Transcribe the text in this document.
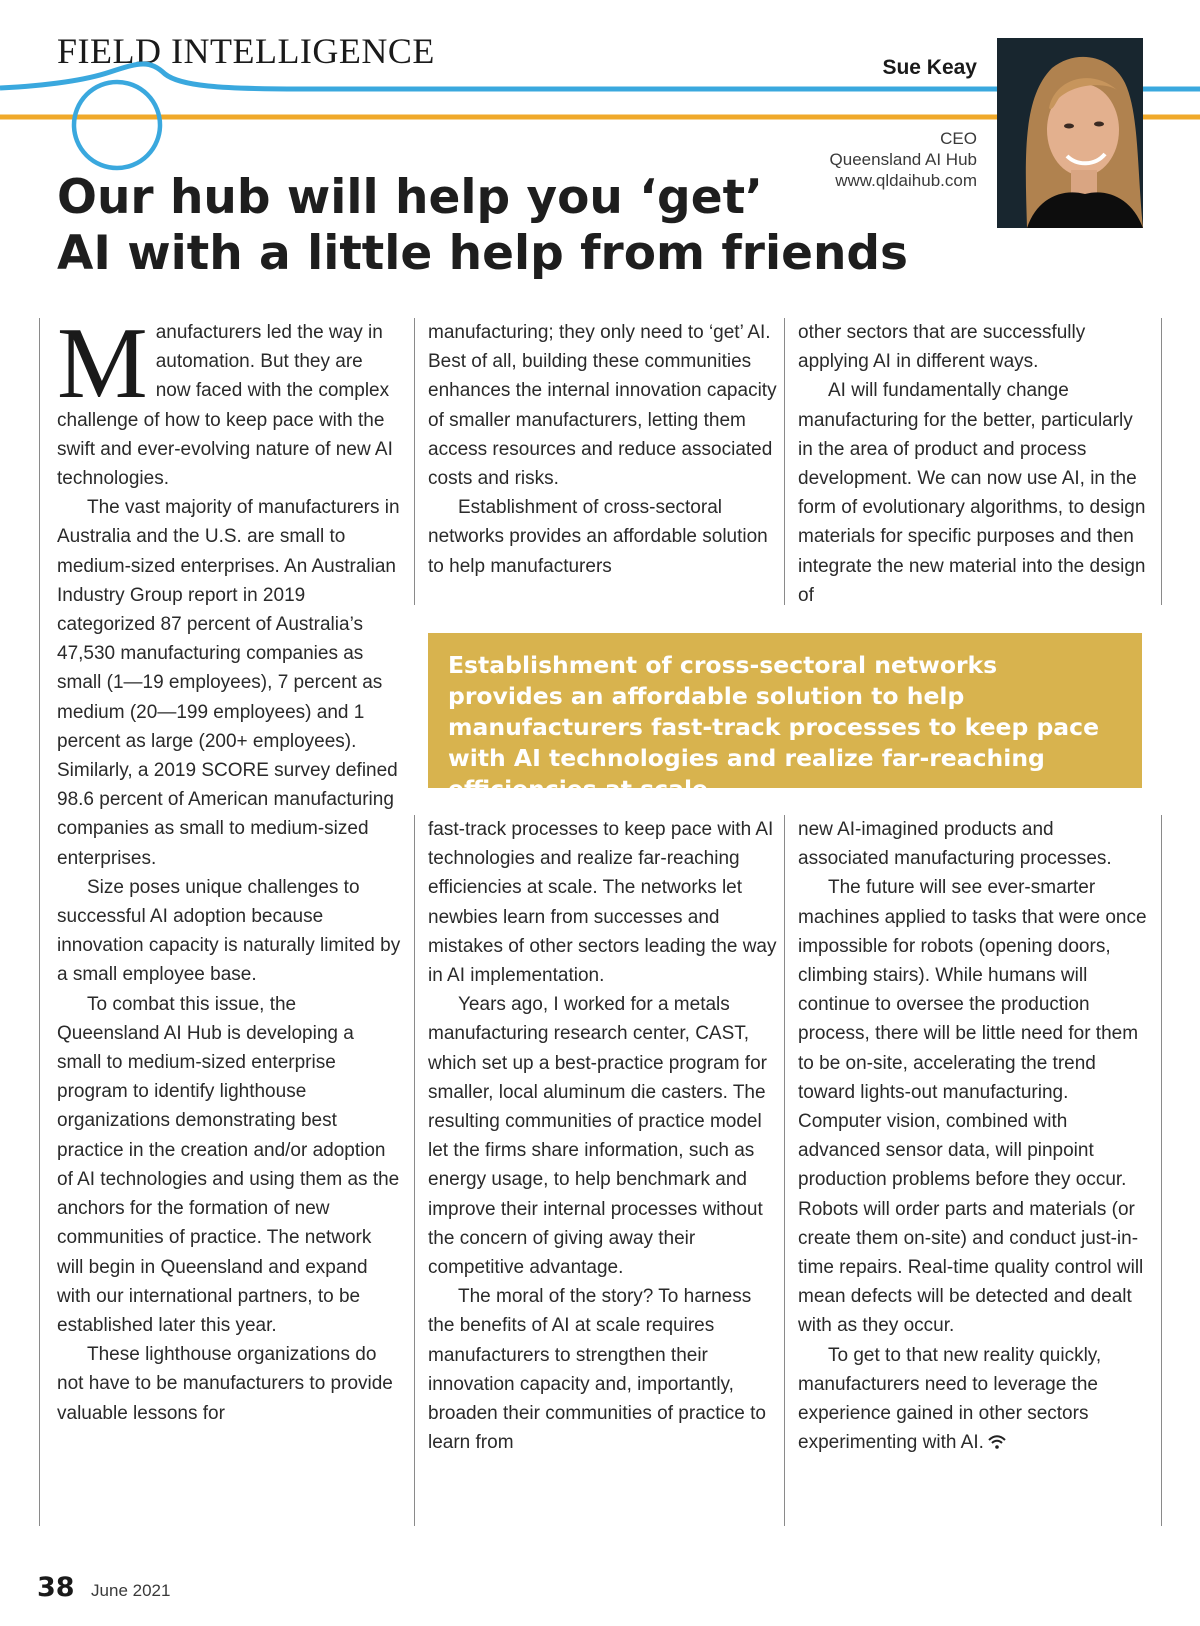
FIELD INTELLIGENCE	Sue Keay
CEO
Queensland AI Hub
www.qldaihub.com
Our hub will help you ‘get’
AI with a little help from friends

Manufacturers led the way in automation. But they are now faced with the complex challenge of how to keep pace with the swift and ever-evolving nature of new AI technologies.

The vast majority of manufacturers in Australia and the U.S. are small to medium-sized enterprises. An Australian Industry Group report in 2019 categorized 87 percent of Australia’s 47,530 manufacturing companies as small (1—19 employees), 7 percent as medium (20—199 employees) and 1 percent as large (200+ employees). Similarly, a 2019 SCORE survey defined 98.6 percent of American manufacturing companies as small to medium-sized enterprises.

Size poses unique challenges to successful AI adoption because innovation capacity is naturally limited by a small employee base.

To combat this issue, the Queensland AI Hub is developing a small to medium-sized enterprise program to identify lighthouse organizations demonstrating best practice in the creation and/or adoption of AI technologies and using them as the anchors for the formation of new communities of practice. The network will begin in Queensland and expand with our international partners, to be established later this year.

These lighthouse organizations do not have to be manufacturers to provide valuable lessons for

manufacturing; they only need to ‘get’ AI. Best of all, building these communities enhances the internal innovation capacity of smaller manufacturers, letting them access resources and reduce associated costs and risks.

Establishment of cross-sectoral networks provides an affordable solution to help manufacturers

other sectors that are successfully applying AI in different ways.

AI will fundamentally change manufacturing for the better, particularly in the area of product and process development. We can now use AI, in the form of evolutionary algorithms, to design materials for specific purposes and then integrate the new material into the design of

Establishment of cross-sectoral networks provides an affordable solution to help manufacturers fast-track processes to keep pace with AI technologies and realize far-reaching efficiencies at scale.

fast-track processes to keep pace with AI technologies and realize far-reaching efficiencies at scale. The networks let newbies learn from successes and mistakes of other sectors leading the way in AI implementation.

Years ago, I worked for a metals manufacturing research center, CAST, which set up a best-practice program for smaller, local aluminum die casters. The resulting communities of practice model let the firms share information, such as energy usage, to help benchmark and improve their internal processes without the concern of giving away their competitive advantage.

The moral of the story? To harness the benefits of AI at scale requires manufacturers to strengthen their innovation capacity and, importantly, broaden their communities of practice to learn from

new AI-imagined products and associated manufacturing processes.

The future will see ever-smarter machines applied to tasks that were once impossible for robots (opening doors, climbing stairs). While humans will continue to oversee the production process, there will be little need for them to be on-site, accelerating the trend toward lights-out manufacturing. Computer vision, combined with advanced sensor data, will pinpoint production problems before they occur. Robots will order parts and materials (or create them on-site) and conduct just-in-time repairs. Real-time quality control will mean defects will be detected and dealt with as they occur.

To get to that new reality quickly, manufacturers need to leverage the experience gained in other sectors experimenting with AI.

38 June 2021
